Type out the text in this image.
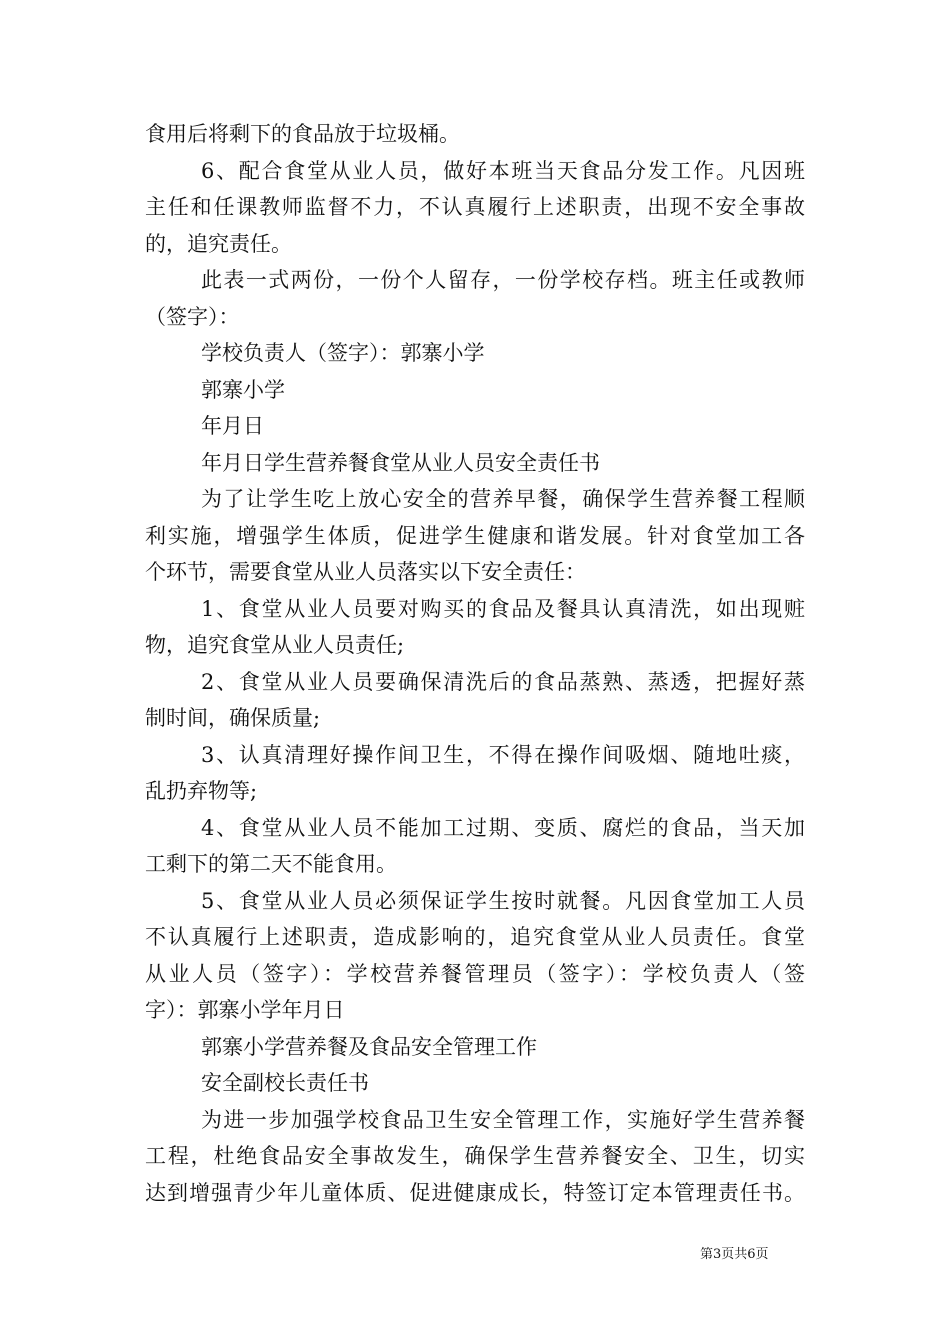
食用后将剩下的食品放于垃圾桶。
6、配合食堂从业人员，做好本班当天食品分发工作。凡因班
主任和任课教师监督不力，不认真履行上述职责，出现不安全事故
的，追究责任。
此表一式两份，一份个人留存，一份学校存档。班主任或教师
（签字）：
学校负责人（签字）：郭寨小学
郭寨小学
年月日
年月日学生营养餐食堂从业人员安全责任书
为了让学生吃上放心安全的营养早餐，确保学生营养餐工程顺
利实施，增强学生体质，促进学生健康和谐发展。针对食堂加工各
个环节，需要食堂从业人员落实以下安全责任：
1、食堂从业人员要对购买的食品及餐具认真清洗，如出现赃
物，追究食堂从业人员责任;
2、食堂从业人员要确保清洗后的食品蒸熟、蒸透，把握好蒸
制时间，确保质量;
3、认真清理好操作间卫生，不得在操作间吸烟、随地吐痰，
乱扔弃物等;
4、食堂从业人员不能加工过期、变质、腐烂的食品，当天加
工剩下的第二天不能食用。
5、食堂从业人员必须保证学生按时就餐。凡因食堂加工人员
不认真履行上述职责，造成影响的，追究食堂从业人员责任。食堂
从业人员（签字）：学校营养餐管理员（签字）：学校负责人（签
字）：郭寨小学年月日
郭寨小学营养餐及食品安全管理工作
安全副校长责任书
为进一步加强学校食品卫生安全管理工作，实施好学生营养餐
工程，杜绝食品安全事故发生，确保学生营养餐安全、卫生，切实
达到增强青少年儿童体质、促进健康成长，特签订定本管理责任书。
第3页共6页
